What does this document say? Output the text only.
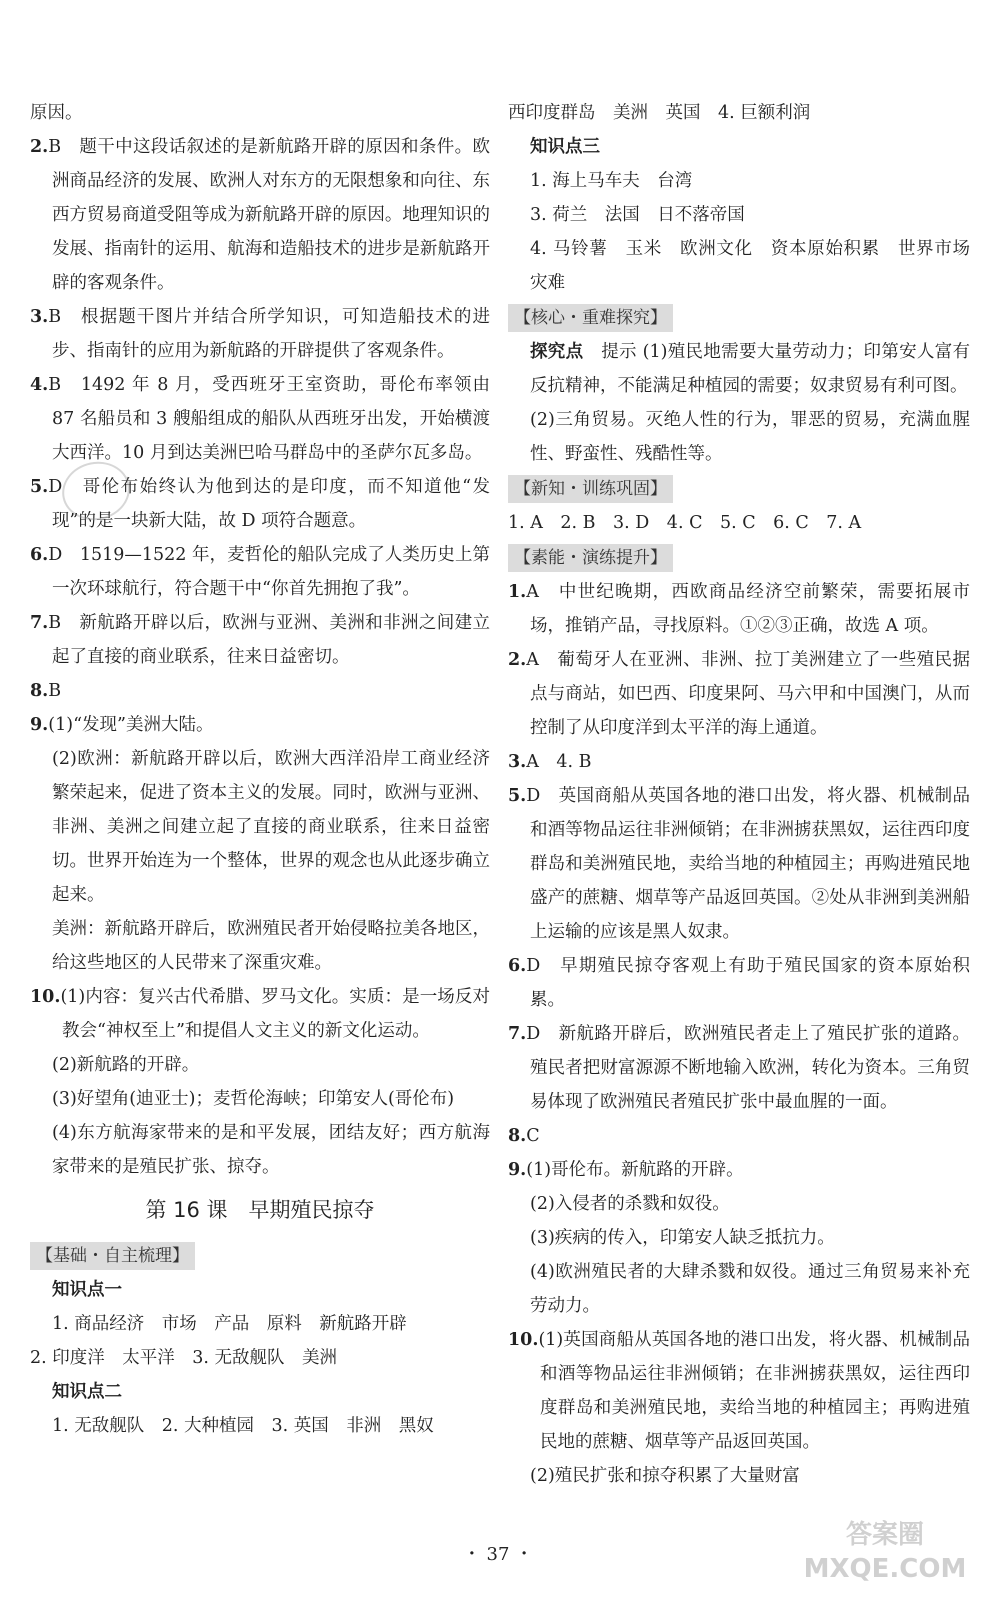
原因。

2.B　题干中这段话叙述的是新航路开辟的原因和条件。欧洲商品经济的发展、欧洲人对东方的无限想象和向往、东西方贸易商道受阻等成为新航路开辟的原因。地理知识的发展、指南针的运用、航海和造船技术的进步是新航路开辟的客观条件。

3.B　根据题干图片并结合所学知识，可知造船技术的进步、指南针的应用为新航路的开辟提供了客观条件。

4.B　1492 年 8 月，受西班牙王室资助，哥伦布率领由 87 名船员和 3 艘船组成的船队从西班牙出发，开始横渡大西洋。10 月到达美洲巴哈马群岛中的圣萨尔瓦多岛。

5.D　哥伦布始终认为他到达的是印度，而不知道他“发现”的是一块新大陆，故 D 项符合题意。

6.D　1519—1522 年，麦哲伦的船队完成了人类历史上第一次环球航行，符合题干中“你首先拥抱了我”。

7.B　新航路开辟以后，欧洲与亚洲、美洲和非洲之间建立起了直接的商业联系，往来日益密切。

8.B

9.(1)“发现”美洲大陆。

(2)欧洲：新航路开辟以后，欧洲大西洋沿岸工商业经济繁荣起来，促进了资本主义的发展。同时，欧洲与亚洲、非洲、美洲之间建立起了直接的商业联系，往来日益密切。世界开始连为一个整体，世界的观念也从此逐步确立起来。

美洲：新航路开辟后，欧洲殖民者开始侵略拉美各地区，给这些地区的人民带来了深重灾难。

10.(1)内容：复兴古代希腊、罗马文化。实质：是一场反对教会“神权至上”和提倡人文主义的新文化运动。

(2)新航路的开辟。

(3)好望角(迪亚士)；麦哲伦海峡；印第安人(哥伦布)

(4)东方航海家带来的是和平发展，团结友好；西方航海家带来的是殖民扩张、掠夺。

第 16 课　早期殖民掠夺
【基础・自主梳理】

知识点一

1. 商品经济　市场　产品　原料　新航路开辟

2. 印度洋　太平洋　3. 无敌舰队　美洲

知识点二

1. 无敌舰队　2. 大种植园　3. 英国　非洲　黑奴

西印度群岛　美洲　英国　4. 巨额利润

知识点三

1. 海上马车夫　台湾

3. 荷兰　法国　日不落帝国

4. 马铃薯　玉米　欧洲文化　资本原始积累　世界市场　灾难

【核心・重难探究】

探究点　 提示 (1)殖民地需要大量劳动力；印第安人富有反抗精神，不能满足种植园的需要；奴隶贸易有利可图。

(2)三角贸易。灭绝人性的行为，罪恶的贸易，充满血腥性、野蛮性、残酷性等。

【新知・训练巩固】

1. A　2. B　3. D　4. C　5. C　6. C　7. A

【素能・演练提升】

1.A　中世纪晚期，西欧商品经济空前繁荣，需要拓展市场，推销产品，寻找原料。①②③正确，故选 A 项。

2.A　葡萄牙人在亚洲、非洲、拉丁美洲建立了一些殖民据点与商站，如巴西、印度果阿、马六甲和中国澳门，从而控制了从印度洋到太平洋的海上通道。

3.A　4. B

5.D　英国商船从英国各地的港口出发，将火器、机械制品和酒等物品运往非洲倾销；在非洲掳获黑奴，运往西印度群岛和美洲殖民地，卖给当地的种植园主；再购进殖民地盛产的蔗糖、烟草等产品返回英国。②处从非洲到美洲船上运输的应该是黑人奴隶。

6.D　早期殖民掠夺客观上有助于殖民国家的资本原始积累。

7.D　新航路开辟后，欧洲殖民者走上了殖民扩张的道路。殖民者把财富源源不断地输入欧洲，转化为资本。三角贸易体现了欧洲殖民者殖民扩张中最血腥的一面。

8.C

9.(1)哥伦布。新航路的开辟。

(2)入侵者的杀戮和奴役。

(3)疾病的传入，印第安人缺乏抵抗力。

(4)欧洲殖民者的大肆杀戮和奴役。通过三角贸易来补充劳动力。

10.(1)英国商船从英国各地的港口出发，将火器、机械制品和酒等物品运往非洲倾销；在非洲掳获黑奴，运往西印度群岛和美洲殖民地，卖给当地的种植园主；再购进殖民地的蔗糖、烟草等产品返回英国。

(2)殖民扩张和掠夺积累了大量财富

・ 37 ・
答案圈 MXQE.COM
